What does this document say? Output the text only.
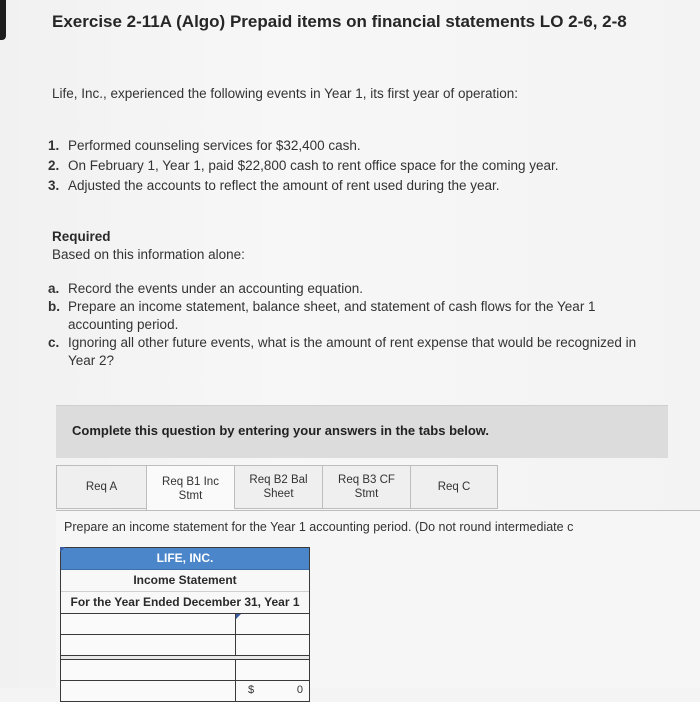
Exercise 2-11A (Algo) Prepaid items on financial statements LO 2-6, 2-8
Life, Inc., experienced the following events in Year 1, its first year of operation:
1. Performed counseling services for $32,400 cash.
2. On February 1, Year 1, paid $22,800 cash to rent office space for the coming year.
3. Adjusted the accounts to reflect the amount of rent used during the year.
Required
Based on this information alone:
a. Record the events under an accounting equation.
b. Prepare an income statement, balance sheet, and statement of cash flows for the Year 1 accounting period.
c. Ignoring all other future events, what is the amount of rent expense that would be recognized in Year 2?
Complete this question by entering your answers in the tabs below.
Req A	Req B1 Inc
Stmt
Req B2 Bal
Sheet
Req B3 CF
Stmt
Req C
Prepare an income statement for the Year 1 accounting period. (Do not round intermediate c
LIFE, INC.
Income Statement
For the Year Ended December 31, Year 1
$	0
